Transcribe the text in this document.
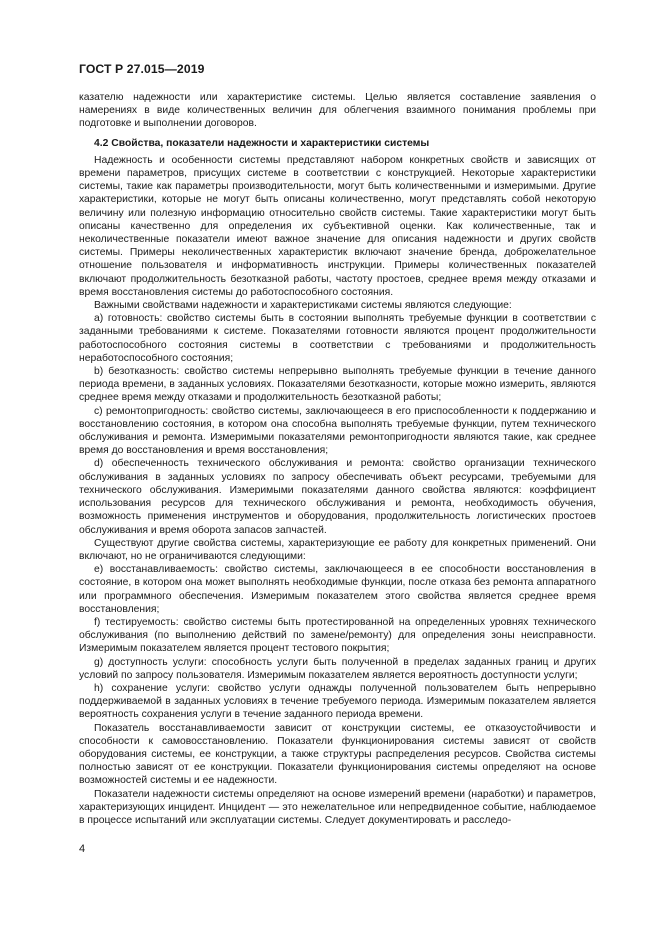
ГОСТ Р 27.015—2019

казателю надежности или характеристике системы. Целью является составление заявления о намерениях в виде количественных величин для облегчения взаимного понимания проблемы при подготовке и выполнении договоров.

4.2 Свойства, показатели надежности и характеристики системы

Надежность и особенности системы представляют набором конкретных свойств и зависящих от времени параметров, присущих системе в соответствии с конструкцией. Некоторые характеристики системы, такие как параметры производительности, могут быть количественными и измеримыми. Другие характеристики, которые не могут быть описаны количественно, могут представлять собой некоторую величину или полезную информацию относительно свойств системы. Такие характеристики могут быть описаны качественно для определения их субъективной оценки. Как количественные, так и неколичественные показатели имеют важное значение для описания надежности и других свойств системы. Примеры неколичественных характеристик включают значение бренда, доброжелательное отношение пользователя и информативность инструкции. Примеры количественных показателей включают продолжительность безотказной работы, частоту простоев, среднее время между отказами и время восстановления системы до работоспособного состояния.

Важными свойствами надежности и характеристиками системы являются следующие:

а) готовность: свойство системы быть в состоянии выполнять требуемые функции в соответствии с заданными требованиями к системе. Показателями готовности являются процент продолжительности работоспособного состояния системы в соответствии с требованиями и продолжительность неработоспособного состояния;

b) безотказность: свойство системы непрерывно выполнять требуемые функции в течение данного периода времени, в заданных условиях. Показателями безотказности, которые можно измерить, являются среднее время между отказами и продолжительность безотказной работы;

c) ремонтопригодность: свойство системы, заключающееся в его приспособленности к поддержанию и восстановлению состояния, в котором она способна выполнять требуемые функции, путем технического обслуживания и ремонта. Измеримыми показателями ремонтопригодности являются такие, как среднее время до восстановления и время восстановления;

d) обеспеченность технического обслуживания и ремонта: свойство организации технического обслуживания в заданных условиях по запросу обеспечивать объект ресурсами, требуемыми для технического обслуживания. Измеримыми показателями данного свойства являются: коэффициент использования ресурсов для технического обслуживания и ремонта, необходимость обучения, возможность применения инструментов и оборудования, продолжительность логистических простоев обслуживания и время оборота запасов запчастей.

Существуют другие свойства системы, характеризующие ее работу для конкретных применений. Они включают, но не ограничиваются следующими:

e) восстанавливаемость: свойство системы, заключающееся в ее способности восстановления в состояние, в котором она может выполнять необходимые функции, после отказа без ремонта аппаратного или программного обеспечения. Измеримым показателем этого свойства является среднее время восстановления;

f) тестируемость: свойство системы быть протестированной на определенных уровнях технического обслуживания (по выполнению действий по замене/ремонту) для определения зоны неисправности. Измеримым показателем является процент тестового покрытия;

g) доступность услуги: способность услуги быть полученной в пределах заданных границ и других условий по запросу пользователя. Измеримым показателем является вероятность доступности услуги;

h) сохранение услуги: свойство услуги однажды полученной пользователем быть непрерывно поддерживаемой в заданных условиях в течение требуемого периода. Измеримым показателем является вероятность сохранения услуги в течение заданного периода времени.

Показатель восстанавливаемости зависит от конструкции системы, ее отказоустойчивости и способности к самовосстановлению. Показатели функционирования системы зависят от свойств оборудования системы, ее конструкции, а также структуры распределения ресурсов. Свойства системы полностью зависят от ее конструкции. Показатели функционирования системы определяют на основе возможностей системы и ее надежности.

Показатели надежности системы определяют на основе измерений времени (наработки) и параметров, характеризующих инцидент. Инцидент — это нежелательное или непредвиденное событие, наблюдаемое в процессе испытаний или эксплуатации системы. Следует документировать и расследо-

4
